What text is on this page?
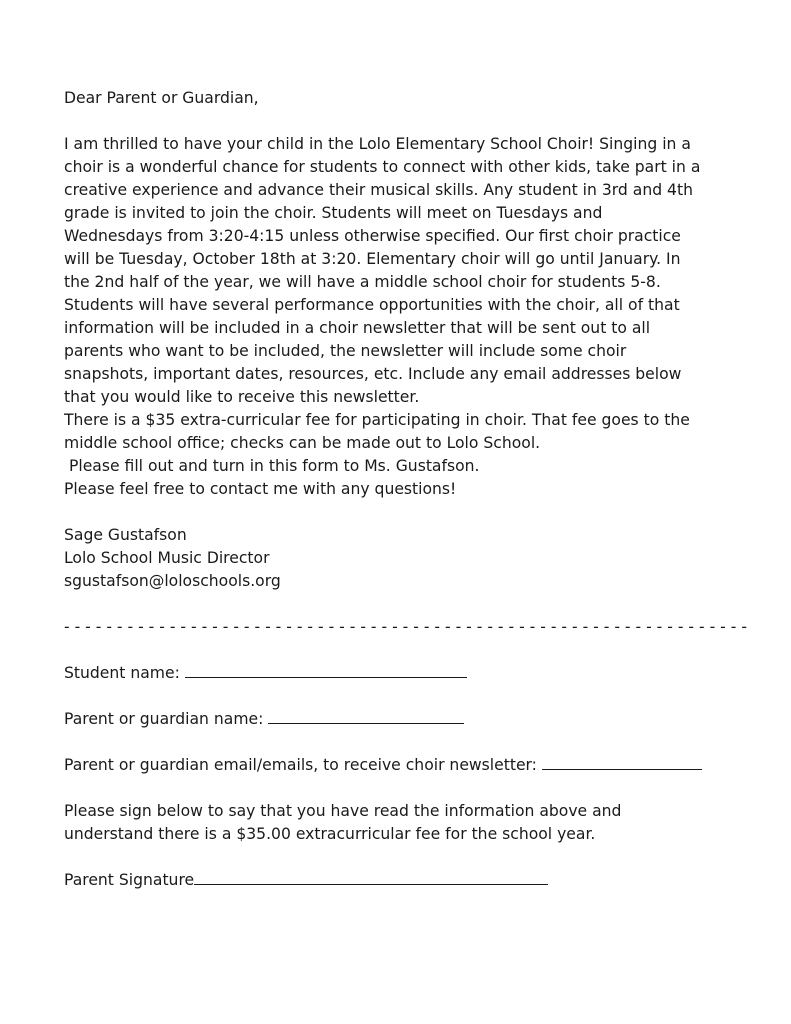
Dear Parent or Guardian,
I am thrilled to have your child in the Lolo Elementary School Choir! Singing in a
choir is a wonderful chance for students to connect with other kids, take part in a
creative experience and advance their musical skills. Any student in 3rd and 4th
grade is invited to join the choir. Students will meet on Tuesdays and
Wednesdays from 3:20-4:15 unless otherwise specified. Our first choir practice
will be Tuesday, October 18th at 3:20. Elementary choir will go until January. In
the 2nd half of the year, we will have a middle school choir for students 5-8.
Students will have several performance opportunities with the choir, all of that
information will be included in a choir newsletter that will be sent out to all
parents who want to be included, the newsletter will include some choir
snapshots, important dates, resources, etc. Include any email addresses below
that you would like to receive this newsletter.
There is a $35 extra-curricular fee for participating in choir. That fee goes to the
middle school office; checks can be made out to Lolo School.
Please fill out and turn in this form to Ms. Gustafson.
Please feel free to contact me with any questions!
Sage Gustafson
Lolo School Music Director
sgustafson@loloschools.org
- - - - - - - - - - - - - - - - - - - - - - - - - - - - - - - - - - - - - - - - - - - - - - - - - - - - - - - - - - - - - - - - -
Student name:
Parent or guardian name:
Parent or guardian email/emails, to receive choir newsletter:
Please sign below to say that you have read the information above and
understand there is a $35.00 extracurricular fee for the school year.
Parent Signature
